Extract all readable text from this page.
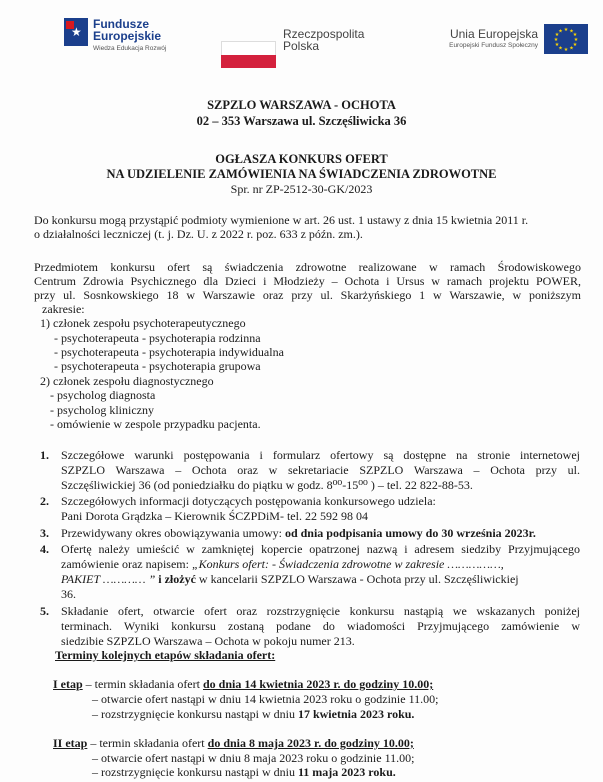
★
Fundusze
Europejskie
Wiedza Edukacja Rozwój
Rzeczpospolita
Polska
Unia Europejska
Europejski Fundusz Społeczny
★ ★
★
★
★
★
★
★
★
★
★
★
SZPZLO WARSZAWA - OCHOTA
02 – 353 Warszawa ul. Szczęśliwicka 36
OGŁASZA KONKURS OFERT
NA UDZIELENIE ZAMÓWIENIA NA ŚWIADCZENIA ZDROWOTNE
Spr. nr ZP-2512-30-GK/2023
Do konkursu mogą przystąpić podmioty wymienione w art. 26 ust. 1 ustawy z dnia 15 kwietnia 2011 r.
o działalności leczniczej (t. j. Dz. U. z 2022 r. poz. 633 z późn. zm.).
Przedmiotem konkursu ofert są świadczenia zdrowotne realizowane w ramach Środowiskowego
Centrum Zdrowia Psychicznego dla Dzieci i Młodzieży – Ochota i Ursus w ramach projektu POWER,
przy ul. Sosnkowskiego 18 w Warszawie oraz przy ul. Skarżyńskiego 1 w Warszawie, w poniższym
zakresie:
1) członek zespołu psychoterapeutycznego
- psychoterapeuta - psychoterapia rodzinna
- psychoterapeuta - psychoterapia indywidualna
- psychoterapeuta - psychoterapia grupowa
2) członek zespołu diagnostycznego
- psycholog diagnosta
- psycholog kliniczny
- omówienie w zespole przypadku pacjenta.
1. Szczegółowe warunki postępowania i formularz ofertowy są dostępne na stronie internetowej
SZPZLO Warszawa – Ochota oraz w sekretariacie SZPZLO Warszawa – Ochota przy ul.
Szczęśliwickiej 36 (od poniedziałku do piątku w godz. 8⁰⁰-15⁰⁰ ) – tel. 22 822-88-53.
2. Szczegółowych informacji dotyczących postępowania konkursowego udziela:
Pani Dorota Grądzka – Kierownik ŚCZPDiM- tel. 22 592 98 04
3. Przewidywany okres obowiązywania umowy: od dnia podpisania umowy do 30 września 2023r.
4. Ofertę należy umieścić w zamkniętej kopercie opatrzonej nazwą i adresem siedziby Przyjmującego
zamówienie oraz napisem: „Konkurs ofert: - Świadczenia zdrowotne w zakresie ……………,
PAKIET ………… ” i złożyć w kancelarii SZPZLO Warszawa - Ochota przy ul. Szczęśliwickiej
36.
5. Składanie ofert, otwarcie ofert oraz rozstrzygnięcie konkursu nastąpią we wskazanych poniżej
terminach. Wyniki konkursu zostaną podane do wiadomości Przyjmującego zamówienie w
siedzibie SZPZLO Warszawa – Ochota w pokoju numer 213.
Terminy kolejnych etapów składania ofert:
I etap – termin składania ofert do dnia 14 kwietnia 2023 r. do godziny 10.00;
– otwarcie ofert nastąpi w dniu 14 kwietnia 2023 roku o godzinie 11.00;
– rozstrzygnięcie konkursu nastąpi w dniu 17 kwietnia 2023 roku.
II etap – termin składania ofert do dnia 8 maja 2023 r. do godziny 10.00;
– otwarcie ofert nastąpi w dniu 8 maja 2023 roku o godzinie 11.00;
– rozstrzygnięcie konkursu nastąpi w dniu 11 maja 2023 roku.
